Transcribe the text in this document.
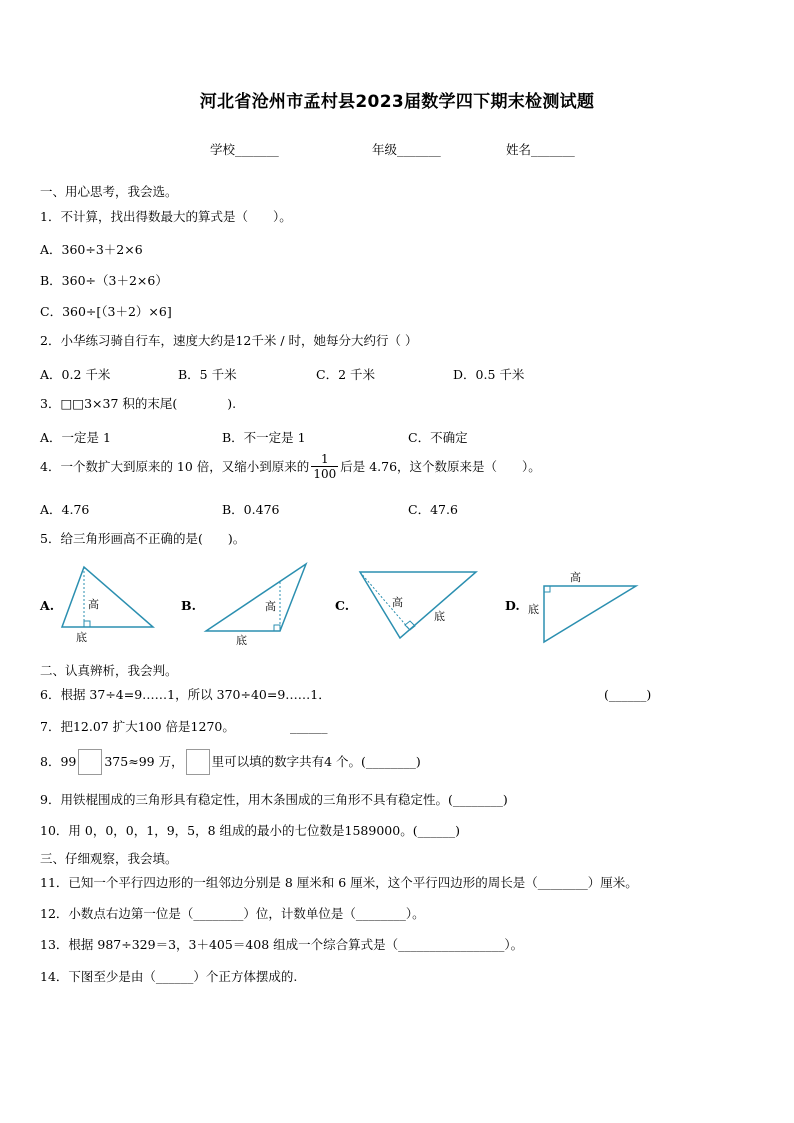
河北省沧州市孟村县2023届数学四下期末检测试题
学校_______	年级_______	姓名_______
一、用心思考，我会选。
1．不计算，找出得数最大的算式是（　　）。
A．360÷3＋2×6
B．360÷（3＋2×6）
C．360÷[（3＋2）×6]
2．小华练习骑自行车，速度大约是12千米 / 时，她每分大约行（ ）
A．0.2 千米	B．5 千米	C．2 千米	D．0.5 千米
3．□□3×37 积的末尾(　　　　).
A．一定是 1	B．不一定是 1	C．不确定
4．一个数扩大到原来的 10 倍，又缩小到原来的 $\frac{1}{100}$ 后是 4.76，这个数原来是（　　）。
A．4.76	B．0.476	C．47.6
5．给三角形画高不正确的是(　　)。
A.	高
底
B.	高
底
C.	高
底
D.
高
底
二、认真辨析，我会判。
6．根据 37÷4=9……1，所以 370÷40=9……1．	(______)
7．把12.07 扩大100 倍是1270。	______
8．99 375≈99 万， 里可以填的数字共有4 个。(________)
9．用铁棍围成的三角形具有稳定性，用木条围成的三角形不具有稳定性。(________)
10．用 0，0，0，1，9，5，8 组成的最小的七位数是1589000。(______)
三、仔细观察，我会填。
11．已知一个平行四边形的一组邻边分别是 8 厘米和 6 厘米，这个平行四边形的周长是（________）厘米。
12．小数点右边第一位是（________）位，计数单位是（________）。
13．根据 987÷329＝3，3＋405＝408 组成一个综合算式是（_________________）。
14．下图至少是由（______）个正方体摆成的.
